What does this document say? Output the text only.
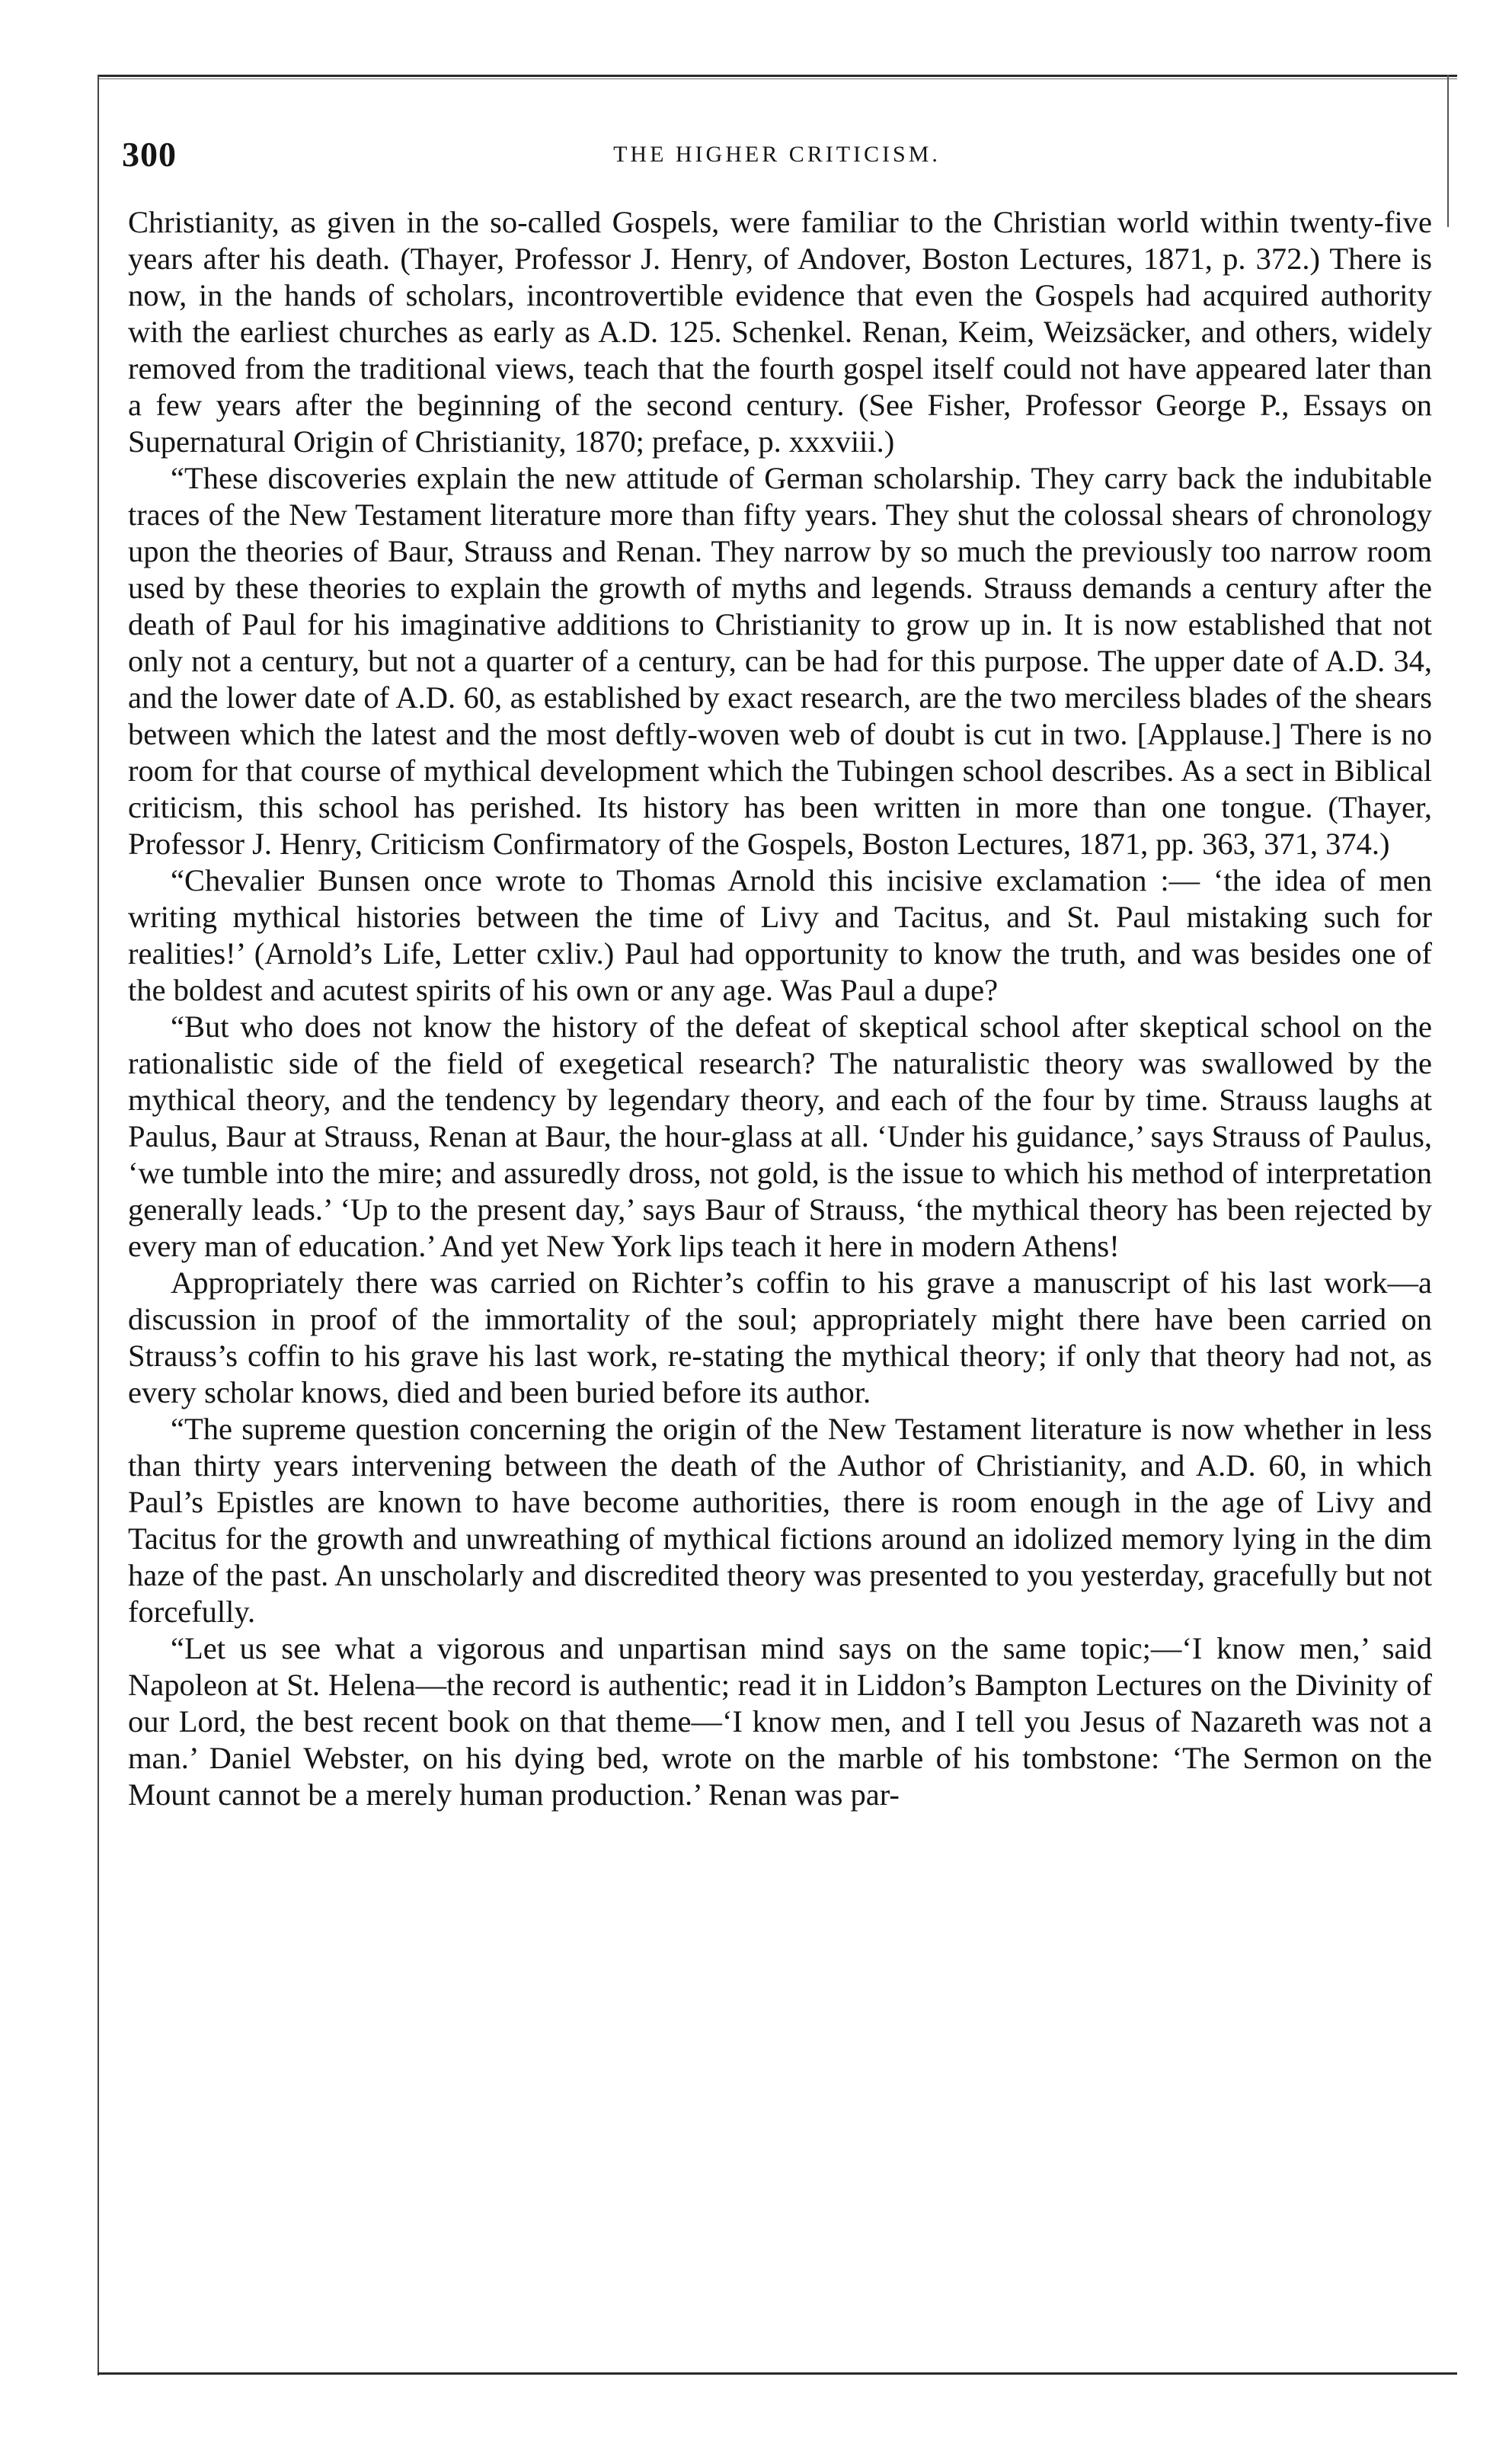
300	THE HIGHER CRITICISM.

Christianity, as given in the so-called Gospels, were familiar to the Christian world within twenty-five years after his death. (Thayer, Professor J. Henry, of Andover, Boston Lectures, 1871, p. 372.) There is now, in the hands of scholars, incontrovertible evidence that even the Gospels had acquired authority with the earliest churches as early as A.D. 125. Schenkel. Renan, Keim, Weizsäcker, and others, widely removed from the traditional views, teach that the fourth gospel itself could not have appeared later than a few years after the beginning of the second century. (See Fisher, Professor George P., Essays on Supernatural Origin of Christianity, 1870; preface, p. xxxviii.)

“These discoveries explain the new attitude of German scholarship. They carry back the indubitable traces of the New Testament literature more than fifty years. They shut the colossal shears of chronology upon the theories of Baur, Strauss and Renan. They narrow by so much the previously too narrow room used by these theories to explain the growth of myths and legends. Strauss demands a century after the death of Paul for his imaginative additions to Christianity to grow up in. It is now established that not only not a century, but not a quarter of a century, can be had for this purpose. The upper date of A.D. 34, and the lower date of A.D. 60, as established by exact research, are the two merciless blades of the shears between which the latest and the most deftly-woven web of doubt is cut in two. [Applause.] There is no room for that course of mythical development which the Tubingen school describes. As a sect in Biblical criticism, this school has perished. Its history has been written in more than one tongue. (Thayer, Professor J. Henry, Criticism Confirmatory of the Gospels, Boston Lectures, 1871, pp. 363, 371, 374.)

“Chevalier Bunsen once wrote to Thomas Arnold this incisive exclamation :— ‘the idea of men writing mythical histories between the time of Livy and Tacitus, and St. Paul mistaking such for realities!’ (Arnold’s Life, Letter cxliv.) Paul had opportunity to know the truth, and was besides one of the boldest and acutest spirits of his own or any age. Was Paul a dupe?

“But who does not know the history of the defeat of skeptical school after skeptical school on the rationalistic side of the field of exegetical research? The naturalistic theory was swallowed by the mythical theory, and the tendency by legendary theory, and each of the four by time. Strauss laughs at Paulus, Baur at Strauss, Renan at Baur, the hour-glass at all. ‘Under his guidance,’ says Strauss of Paulus, ‘we tumble into the mire; and assuredly dross, not gold, is the issue to which his method of interpretation generally leads.’ ‘Up to the present day,’ says Baur of Strauss, ‘the mythical theory has been rejected by every man of education.’ And yet New York lips teach it here in modern Athens!

Appropriately there was carried on Richter’s coffin to his grave a manuscript of his last work—a discussion in proof of the immortality of the soul; appropriately might there have been carried on Strauss’s coffin to his grave his last work, re-stating the mythical theory; if only that theory had not, as every scholar knows, died and been buried before its author.

“The supreme question concerning the origin of the New Testament literature is now whether in less than thirty years intervening between the death of the Author of Christianity, and A.D. 60, in which Paul’s Epistles are known to have become authorities, there is room enough in the age of Livy and Tacitus for the growth and unwreathing of mythical fictions around an idolized memory lying in the dim haze of the past. An unscholarly and discredited theory was presented to you yesterday, gracefully but not forcefully.

“Let us see what a vigorous and unpartisan mind says on the same topic;—‘I know men,’ said Napoleon at St. Helena—the record is authentic; read it in Liddon’s Bampton Lectures on the Divinity of our Lord, the best recent book on that theme—‘I know men, and I tell you Jesus of Nazareth was not a man.’ Daniel Webster, on his dying bed, wrote on the marble of his tombstone: ‘The Sermon on the Mount cannot be a merely human production.’ Renan was par-
